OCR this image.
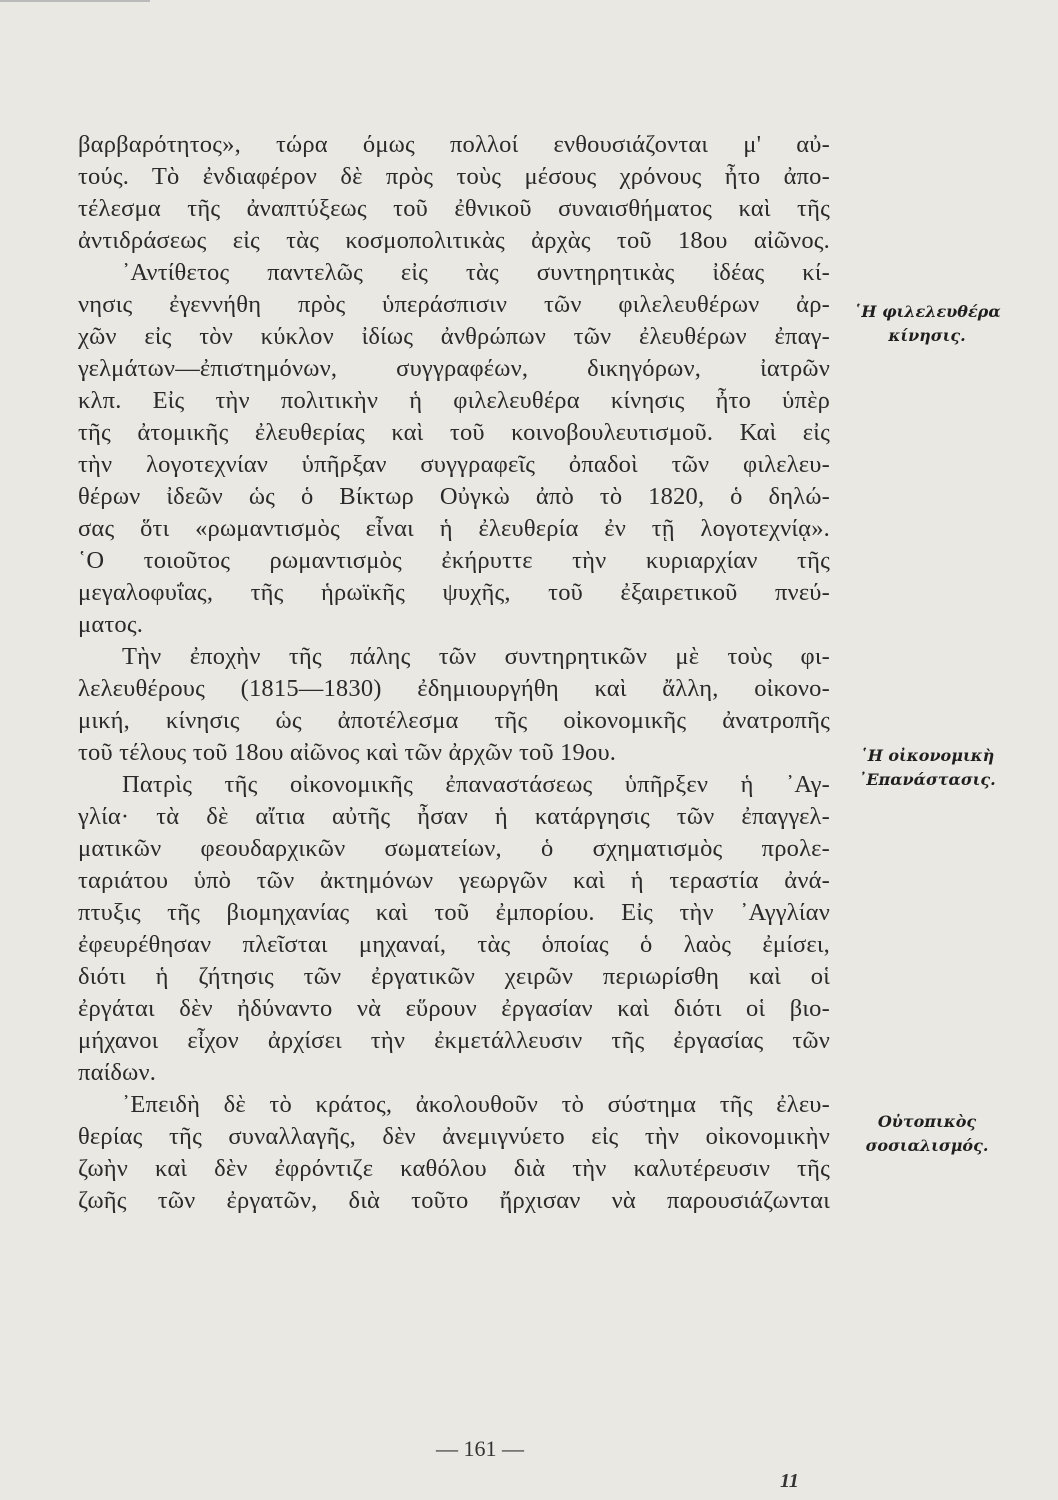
βαρβαρότητος», τώρα όμως πολλοί ενθουσιάζονται μ' αὐ-
τούς. Τὸ ἐνδιαφέρον δὲ πρὸς τοὺς μέσους χρόνους ἦτο ἀπο-
τέλεσμα τῆς ἀναπτύξεως τοῦ ἐθνικοῦ συναισθήματος καὶ τῆς
ἀντιδράσεως εἰς τὰς κοσμοπολιτικὰς ἀρχὰς τοῦ 18ου αἰῶνος.
᾿Αντίθετος παντελῶς εἰς τὰς συντηρητικὰς ἰδέας κί-
νησις ἐγεννήθη πρὸς ὑπεράσπισιν τῶν φιλελευθέρων ἀρ-
χῶν εἰς τὸν κύκλον ἰδίως ἀνθρώπων τῶν ἐλευθέρων ἐπαγ-
γελμάτων—ἐπιστημόνων, συγγραφέων, δικηγόρων, ἰατρῶν
κλπ. Εἰς τὴν πολιτικὴν ἡ φιλελευθέρα κίνησις ἦτο ὑπὲρ
τῆς ἀτομικῆς ἐλευθερίας καὶ τοῦ κοινοβουλευτισμοῦ. Καὶ εἰς
τὴν λογοτεχνίαν ὑπῆρξαν συγγραφεῖς ὀπαδοὶ τῶν φιλελευ-
θέρων ἰδεῶν ὡς ὁ Βίκτωρ Οὐγκὼ ἀπὸ τὸ 1820, ὁ δηλώ-
σας ὅτι «ρωμαντισμὸς εἶναι ἡ ἐλευθερία ἐν τῇ λογοτεχνίᾳ».
῾Ο τοιοῦτος ρωμαντισμὸς ἐκήρυττε τὴν κυριαρχίαν τῆς
μεγαλοφυΐας, τῆς ἡρωϊκῆς ψυχῆς, τοῦ ἐξαιρετικοῦ πνεύ-
ματος.
Τὴν ἐποχὴν τῆς πάλης τῶν συντηρητικῶν μὲ τοὺς φι-
λελευθέρους (1815—1830) ἐδημιουργήθη καὶ ἄλλη, οἰκονο-
μική, κίνησις ὡς ἀποτέλεσμα τῆς οἰκονομικῆς ἀνατροπῆς
τοῦ τέλους τοῦ 18ου αἰῶνος καὶ τῶν ἀρχῶν τοῦ 19ου.
Πατρὶς τῆς οἰκονομικῆς ἐπαναστάσεως ὑπῆρξεν ἡ ᾿Αγ-
γλία· τὰ δὲ αἴτια αὐτῆς ἦσαν ἡ κατάργησις τῶν ἐπαγγελ-
ματικῶν φεουδαρχικῶν σωματείων, ὁ σχηματισμὸς προλε-
ταριάτου ὑπὸ τῶν ἀκτημόνων γεωργῶν καὶ ἡ τεραστία ἀνά-
πτυξις τῆς βιομηχανίας καὶ τοῦ ἐμπορίου. Εἰς τὴν ᾿Αγγλίαν
ἐφευρέθησαν πλεῖσται μηχαναί, τὰς ὁποίας ὁ λαὸς ἐμίσει,
διότι ἡ ζήτησις τῶν ἐργατικῶν χειρῶν περιωρίσθη καὶ οἱ
ἐργάται δὲν ἠδύναντο νὰ εὕρουν ἐργασίαν καὶ διότι οἱ βιο-
μήχανοι εἶχον ἀρχίσει τὴν ἐκμετάλλευσιν τῆς ἐργασίας τῶν
παίδων.
᾿Επειδὴ δὲ τὸ κράτος, ἀκολουθοῦν τὸ σύστημα τῆς ἐλευ-
θερίας τῆς συναλλαγῆς, δὲν ἀνεμιγνύετο εἰς τὴν οἰκονομικὴν
ζωὴν καὶ δὲν ἐφρόντιζε καθόλου διὰ τὴν καλυτέρευσιν τῆς
ζωῆς τῶν ἐργατῶν, διὰ τοῦτο ἤρχισαν νὰ παρουσιάζωνται
῾Η φιλελευθέρα κίνησις.
῾Η οἰκονομικὴ ᾿Επανάστασις.
Οὐτοπικὸς σοσιαλισμός.
— 161 —
11
